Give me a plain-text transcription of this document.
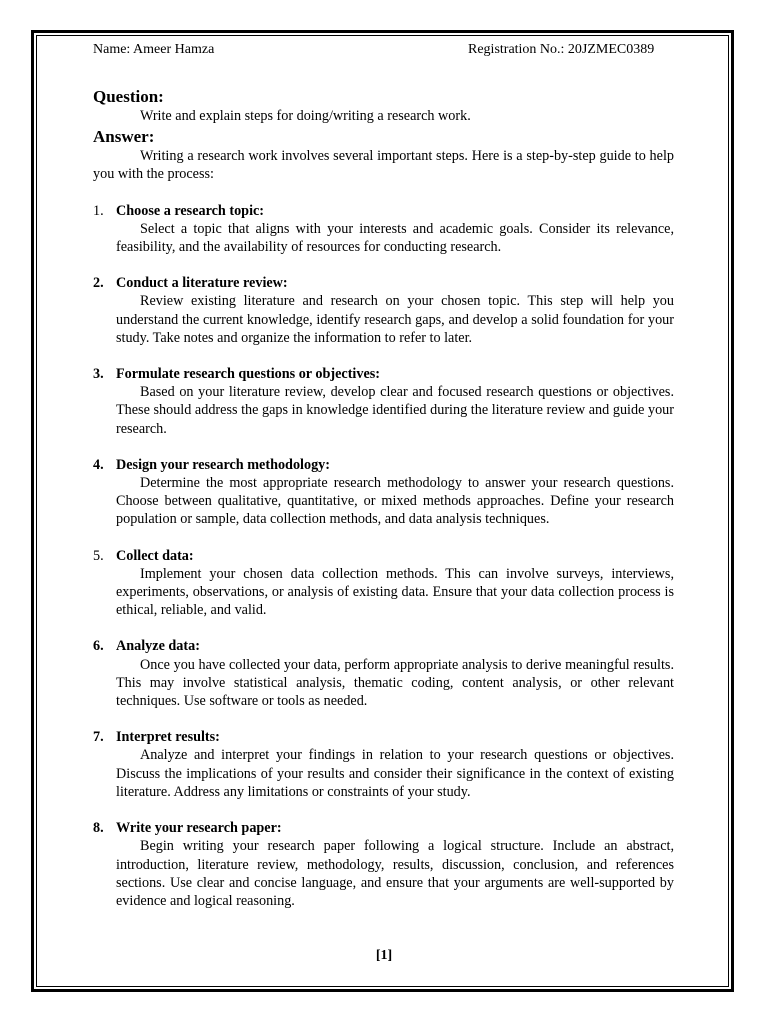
Name: Ameer Hamza	Registration No.: 20JZMEC0389

Question:

Write and explain steps for doing/writing a research work.

Answer:

Writing a research work involves several important steps. Here is a step-by-step guide to help you with the process:

1. Choose a research topic:

Select a topic that aligns with your interests and academic goals. Consider its relevance, feasibility, and the availability of resources for conducting research.

2. Conduct a literature review:

Review existing literature and research on your chosen topic. This step will help you understand the current knowledge, identify research gaps, and develop a solid foundation for your study. Take notes and organize the information to refer to later.

3. Formulate research questions or objectives:

Based on your literature review, develop clear and focused research questions or objectives. These should address the gaps in knowledge identified during the literature review and guide your research.

4. Design your research methodology:

Determine the most appropriate research methodology to answer your research questions. Choose between qualitative, quantitative, or mixed methods approaches. Define your research population or sample, data collection methods, and data analysis techniques.

5. Collect data:

Implement your chosen data collection methods. This can involve surveys, interviews, experiments, observations, or analysis of existing data. Ensure that your data collection process is ethical, reliable, and valid.

6. Analyze data:

Once you have collected your data, perform appropriate analysis to derive meaningful results. This may involve statistical analysis, thematic coding, content analysis, or other relevant techniques. Use software or tools as needed.

7. Interpret results:

Analyze and interpret your findings in relation to your research questions or objectives. Discuss the implications of your results and consider their significance in the context of existing literature. Address any limitations or constraints of your study.

8. Write your research paper:

Begin writing your research paper following a logical structure. Include an abstract, introduction, literature review, methodology, results, discussion, conclusion, and references sections. Use clear and concise language, and ensure that your arguments are well-supported by evidence and logical reasoning.

[1]
